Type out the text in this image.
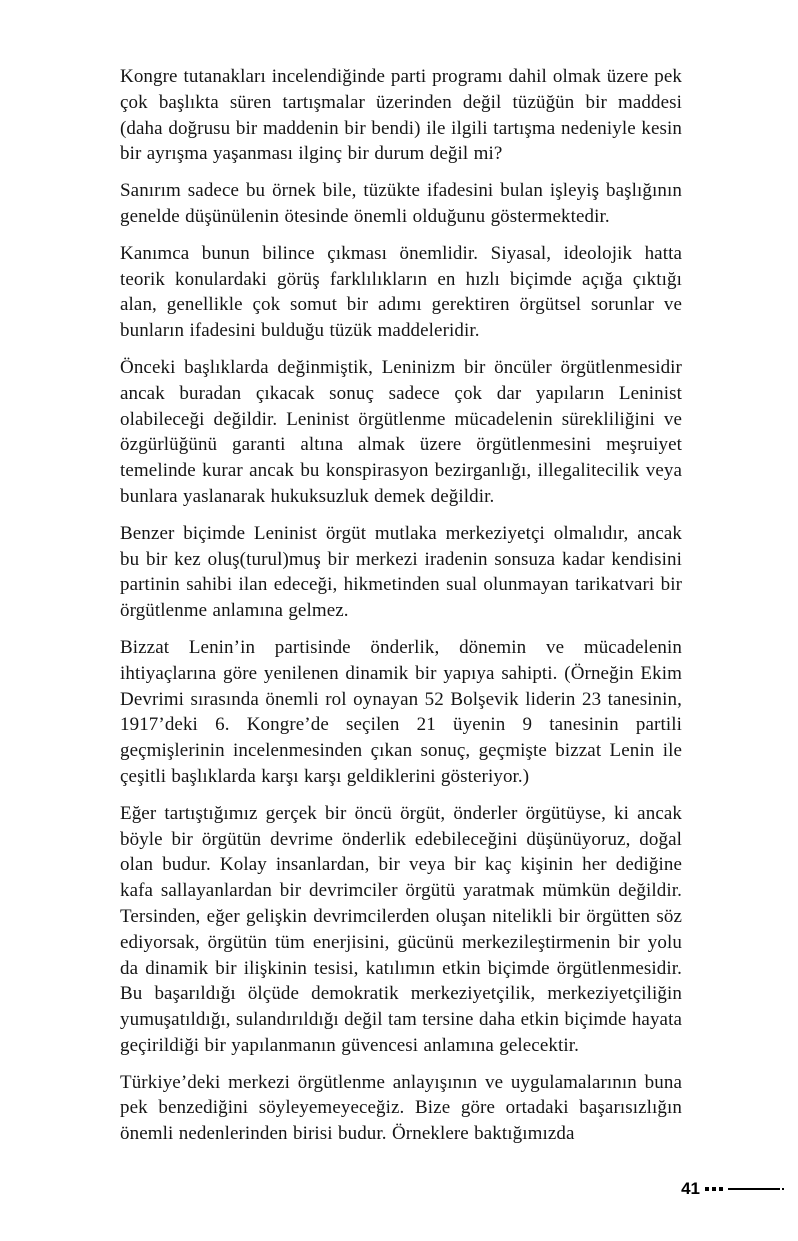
Kongre tutanakları incelendiğinde parti programı dahil olmak üzere pek çok başlıkta süren tartışmalar üzerinden değil tüzüğün bir maddesi (daha doğrusu bir maddenin bir bendi) ile ilgili tartışma nedeniyle kesin bir ayrışma yaşanması ilginç bir durum değil mi?

Sanırım sadece bu örnek bile, tüzükte ifadesini bulan işleyiş başlığının genelde düşünülenin ötesinde önemli olduğunu göstermektedir.

Kanımca bunun bilince çıkması önemlidir. Siyasal, ideolojik hatta teorik konulardaki görüş farklılıkların en hızlı biçimde açığa çıktığı alan, genellikle çok somut bir adımı gerektiren örgütsel sorunlar ve bunların ifadesini bulduğu tüzük maddeleridir.

Önceki başlıklarda değinmiştik, Leninizm bir öncüler örgütlenmesidir ancak buradan çıkacak sonuç sadece çok dar yapıların Leninist olabileceği değildir. Leninist örgütlenme mücadelenin sürekliliğini ve özgürlüğünü garanti altına almak üzere örgütlenmesini meşruiyet temelinde kurar ancak bu konspirasyon bezirganlığı, illegalitecilik veya bunlara yaslanarak hukuksuzluk demek değildir.

Benzer biçimde Leninist örgüt mutlaka merkeziyetçi olmalıdır, ancak bu bir kez oluş(turul)muş bir merkezi iradenin sonsuza kadar kendisini partinin sahibi ilan edeceği, hikmetinden sual olunmayan tarikatvari bir örgütlenme anlamına gelmez.

Bizzat Lenin’in partisinde önderlik, dönemin ve mücadelenin ihtiyaçlarına göre yenilenen dinamik bir yapıya sahipti. (Örneğin Ekim Devrimi sırasında önemli rol oynayan 52 Bolşevik liderin 23 tanesinin, 1917’deki 6. Kongre’de seçilen 21 üyenin 9 tanesinin partili geçmişlerinin incelenmesinden çıkan sonuç, geçmişte bizzat Lenin ile çeşitli başlıklarda karşı karşı geldiklerini gösteriyor.)

Eğer tartıştığımız gerçek bir öncü örgüt, önderler örgütüyse, ki ancak böyle bir örgütün devrime önderlik edebileceğini düşünüyoruz, doğal olan budur. Kolay insanlardan, bir veya bir kaç kişinin her dediğine kafa sallayanlardan bir devrimciler örgütü yaratmak mümkün değildir. Tersinden, eğer gelişkin devrimcilerden oluşan nitelikli bir örgütten söz ediyorsak, örgütün tüm enerjisini, gücünü merkezileştirmenin bir yolu da dinamik bir ilişkinin tesisi, katılımın etkin biçimde örgütlenmesidir. Bu başarıldığı ölçüde demokratik merkeziyetçilik, merkeziyetçiliğin yumuşatıldığı, sulandırıldığı değil tam tersine daha etkin biçimde hayata geçirildiği bir yapılanmanın güvencesi anlamına gelecektir.

Türkiye’deki merkezi örgütlenme anlayışının ve uygulamalarının buna pek benzediğini söyleyemeyeceğiz. Bize göre ortadaki başarısızlığın önemli nedenlerinden birisi budur. Örneklere baktığımızda

41
